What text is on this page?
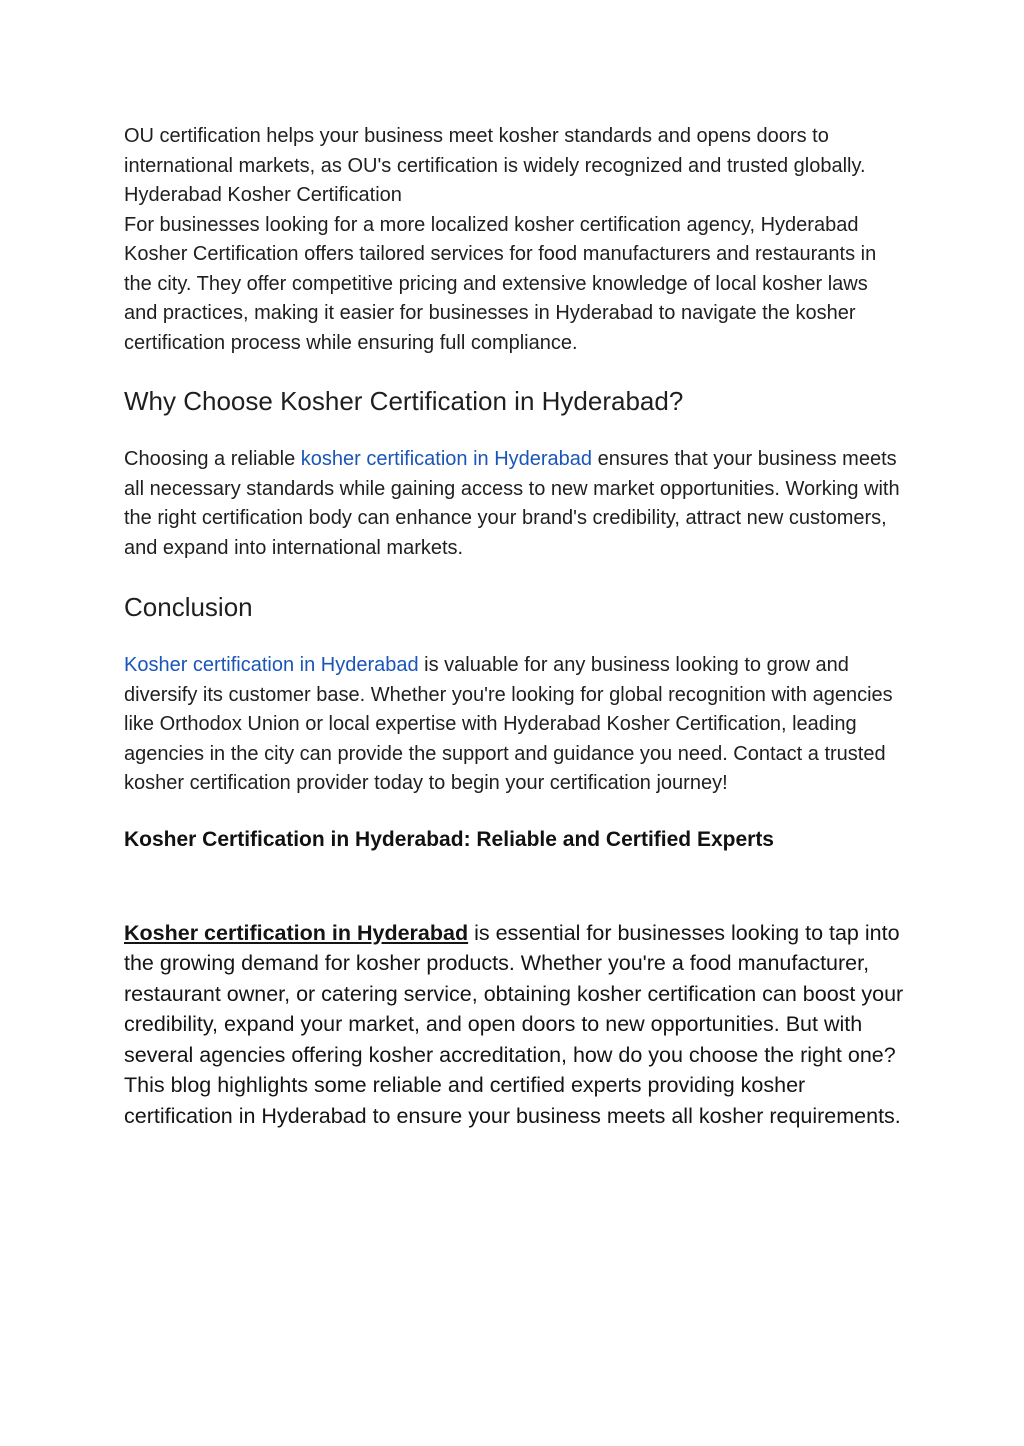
OU certification helps your business meet kosher standards and opens doors to international markets, as OU's certification is widely recognized and trusted globally.

Hyderabad Kosher Certification

For businesses looking for a more localized kosher certification agency, Hyderabad Kosher Certification offers tailored services for food manufacturers and restaurants in the city. They offer competitive pricing and extensive knowledge of local kosher laws and practices, making it easier for businesses in Hyderabad to navigate the kosher certification process while ensuring full compliance.

Why Choose Kosher Certification in Hyderabad?

Choosing a reliable kosher certification in Hyderabad ensures that your business meets all necessary standards while gaining access to new market opportunities. Working with the right certification body can enhance your brand's credibility, attract new customers, and expand into international markets.

Conclusion

Kosher certification in Hyderabad is valuable for any business looking to grow and diversify its customer base. Whether you're looking for global recognition with agencies like Orthodox Union or local expertise with Hyderabad Kosher Certification, leading agencies in the city can provide the support and guidance you need. Contact a trusted kosher certification provider today to begin your certification journey!

Kosher Certification in Hyderabad: Reliable and Certified Experts

Kosher certification in Hyderabad is essential for businesses looking to tap into the growing demand for kosher products. Whether you're a food manufacturer, restaurant owner, or catering service, obtaining kosher certification can boost your credibility, expand your market, and open doors to new opportunities. But with several agencies offering kosher accreditation, how do you choose the right one? This blog highlights some reliable and certified experts providing kosher certification in Hyderabad to ensure your business meets all kosher requirements.
